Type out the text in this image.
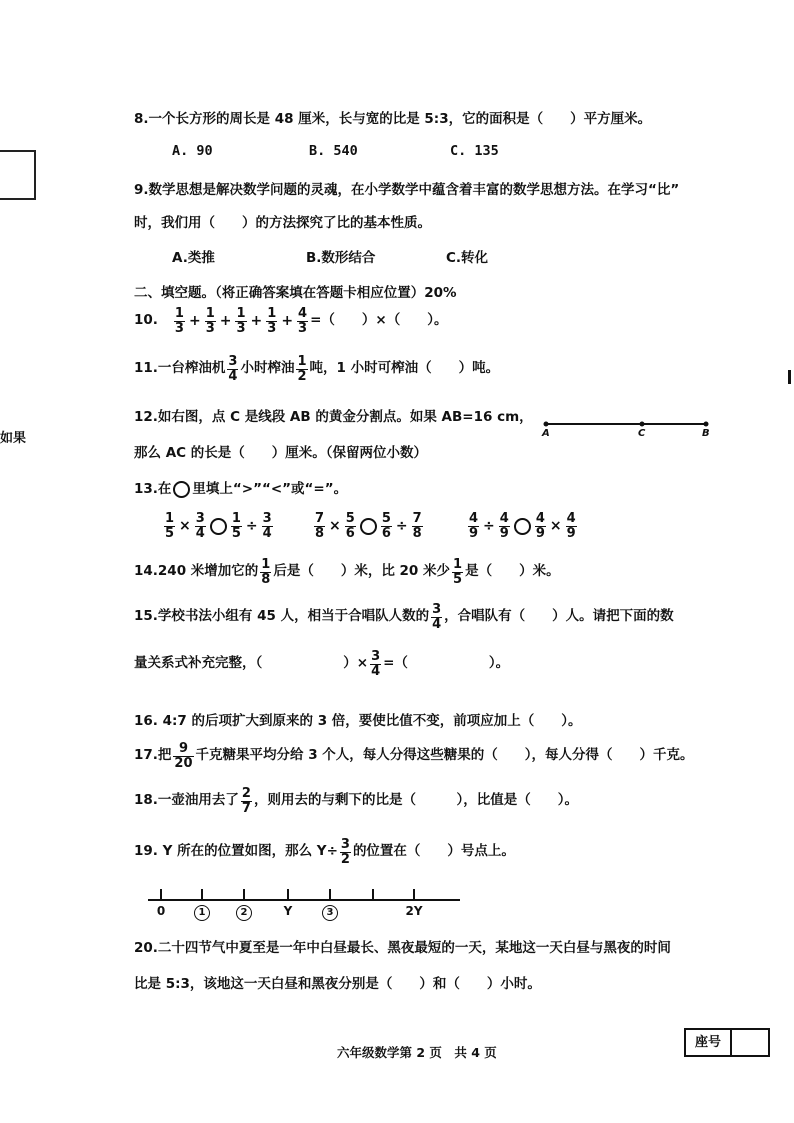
如果
8.一个长方形的周长是 48 厘米，长与宽的比是 5:3，它的面积是（　　）平方厘米。
A. 90	B. 540	C. 135
9.数学思想是解决数学问题的灵魂，在小学数学中蕴含着丰富的数学思想方法。在学习“比”
时，我们用（　　）的方法探究了比的基本性质。
A.类推	B.数形结合	C.转化
二、填空题。（将正确答案填在答题卡相应位置）20%
10. $\frac{1}{3} + \frac{1}{3} + \frac{1}{3} + \frac{1}{3} + \frac{4}{3}$ =（　　）×（　　）。
11.一台榨油机 $\frac{3}{4}$ 小时榨油 $\frac{1}{2}$ 吨，1 小时可榨油（　　）吨。
12.如右图，点 C 是线段 AB 的黄金分割点。如果 AB=16 cm，
那么 AC 的长是（　　）厘米。（保留两位小数）
A	C	B
13.在 里填上“>”“<”或“=”。
$\frac{1}{5} \times \frac{3}{4} \frac{1}{5} \div \frac{3}{4}$	$\frac{7}{8} \times \frac{5}{6} \frac{5}{6} \div \frac{7}{8}$	$\frac{4}{9} \div \frac{4}{9} \frac{4}{9} \times \frac{4}{9}$
14.240 米增加它的 $\frac{1}{8}$ 后是（　　）米，比 20 米少 $\frac{1}{5}$ 是（　　）米。
15.学校书法小组有 45 人，相当于合唱队人数的 $\frac{3}{4}$ ，合唱队有（　　）人。请把下面的数
量关系式补充完整，（　　　　　　）× $\frac{3}{4}$ =（　　　　　　）。
16. 4:7 的后项扩大到原来的 3 倍，要使比值不变，前项应加上（　　）。
17.把 $\frac{9}{20}$ 千克糖果平均分给 3 个人，每人分得这些糖果的（　　），每人分得（　　）千克。
18.一壶油用去了 $\frac{2}{7}$ ，则用去的与剩下的比是（　　　），比值是（　　）。
19. Y 所在的位置如图，那么 $Y\div \frac{3}{2}$ 的位置在（　　）号点上。
0	1	2	Y	3	2Y
20.二十四节气中夏至是一年中白昼最长、黑夜最短的一天，某地这一天白昼与黑夜的时间
比是 5:3，该地这一天白昼和黑夜分别是（　　）和（　　）小时。
六年级数学第 2 页　共 4 页
座号
